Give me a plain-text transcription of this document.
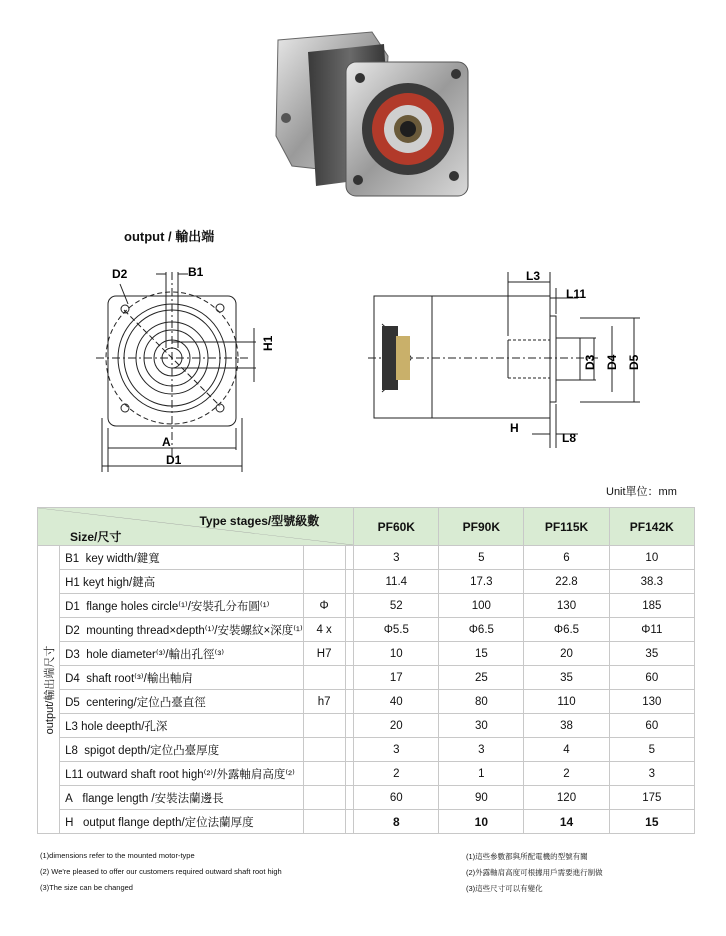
output / 輸出端
D2	B1
H1
A
D1
L3
L11
D3 D4 D5
H
L8
Unit單位：mm
Type stages/型號級數
Size/尺寸				PF60K	PF90K	PF115K	PF142K

output/輸出端尺寸	B1 key width/鍵寬			3	5	6	10
	H1 keyt high/鍵高			11.4	17.3	22.8	38.3
	D1 flange holes circle⁽¹⁾/安裝孔分布圓⁽¹⁾	Φ		52	100	130	185
	D2 mounting thread×depth⁽¹⁾/安裝螺紋×深度⁽¹⁾	4 x		Φ5.5	Φ6.5	Φ6.5	Φ11
	D3 hole diameter⁽³⁾/輸出孔徑⁽³⁾	H7		10	15	20	35
	D4 shaft root⁽³⁾/輸出軸肩			17	25	35	60
	D5 centering/定位凸臺直徑	h7		40	80	110	130
	L3 hole deepth/孔深			20	30	38	60
	L8 spigot depth/定位凸臺厚度			3	3	4	5
	L11 outward shaft root high⁽²⁾/外露軸肩高度⁽²⁾			2	1	2	3
	A flange length /安裝法蘭邊長			60	90	120	175
	H output flange depth/定位法蘭厚度			8	10	14	15
(1)dimensions refer to the mounted motor-type
(2) We're pleased to offer our customers required outward shaft root high
(3)The size can be changed
(1)這些參數都與所配電機的型號有關
(2)外露軸肩高度可根據用戶需要進行制做
(3)這些尺寸可以有變化
